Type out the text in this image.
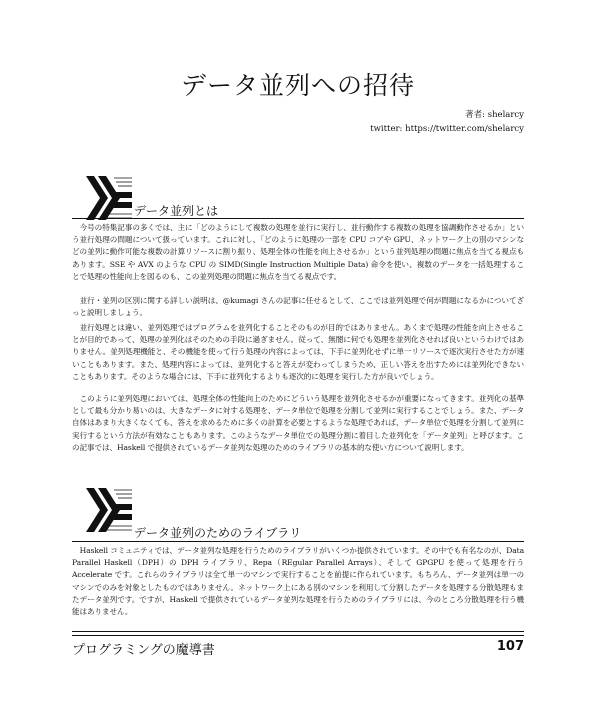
データ並列への招待
著者: shelarcy
twitter: https://twitter.com/shelarcy
データ並列とは

今号の特集記事の多くでは、主に「どのようにして複数の処理を並行に実行し、並行動作する複数の処理を協調動作させるか」という並行処理の問題について扱っています。これに対し、「どのように処理の一部を CPU コアや GPU、ネットワーク上の別のマシンなどの並列に動作可能な複数の計算リソースに割り振り、処理全体の性能を向上させるか」という並列処理の問題に焦点を当てる視点もあります。SSE や AVX のような CPU の SIMD(Single Instruction Multiple Data) 命令を使い、複数のデータを一括処理することで処理の性能向上を図るのも、この並列処理の問題に焦点を当てる視点です。

並行・並列の区別に関する詳しい説明は、@kumagi さんの記事に任せるとして、ここでは並列処理で何が問題になるかについてざっと説明しましょう。

並行処理とは違い、並列処理ではプログラムを並列化することそのものが目的ではありません。あくまで処理の性能を向上させることが目的であって、処理の並列化はそのための手段に過ぎません。従って、無闇に何でも処理を並列化させれば良いというわけではありません。並列処理機能と、その機能を使って行う処理の内容によっては、下手に並列化せずに単一リソースで逐次実行させた方が速いこともあります。また、処理内容によっては、並列化すると答えが変わってしまうため、正しい答えを出すためには並列化できないこともあります。そのような場合には、下手に並列化するよりも逐次的に処理を実行した方が良いでしょう。

このように並列処理においては、処理全体の性能向上のためにどういう処理を並列化させるかが重要になってきます。並列化の基準として最も分かり易いのは、大きなデータに対する処理を、データ単位で処理を分割して並列に実行することでしょう。また、データ自体はあまり大きくなくても、答えを求めるために多くの計算を必要とするような処理であれば、データ単位で処理を分割して並列に実行するという方法が有効なこともあります。このようなデータ単位での処理分割に着目した並列化を「データ並列」と呼びます。この記事では、Haskell で提供されているデータ並列な処理のためのライブラリの基本的な使い方について説明します。

データ並列のためのライブラリ

Haskell コミュニティでは、データ並列な処理を行うためのライブラリがいくつか提供されています。その中でも有名なのが、Data Parallel Haskell（DPH）の DPH ライブラリ、Repa（REgular Parallel Arrays）、そして GPGPU を使って処理を行う Accelerate です。これらのライブラリは全て単一のマシンで実行することを前提に作られています。もちろん、データ並列は単一のマシンでのみを対象としたものではありません。ネットワーク上にある別のマシンを利用して分割したデータを処理する分散処理もまたデータ並列です。ですが、Haskell で提供されているデータ並列な処理を行うためのライブラリには、今のところ分散処理を行う機能はありません。

プログラミングの魔導書	107
